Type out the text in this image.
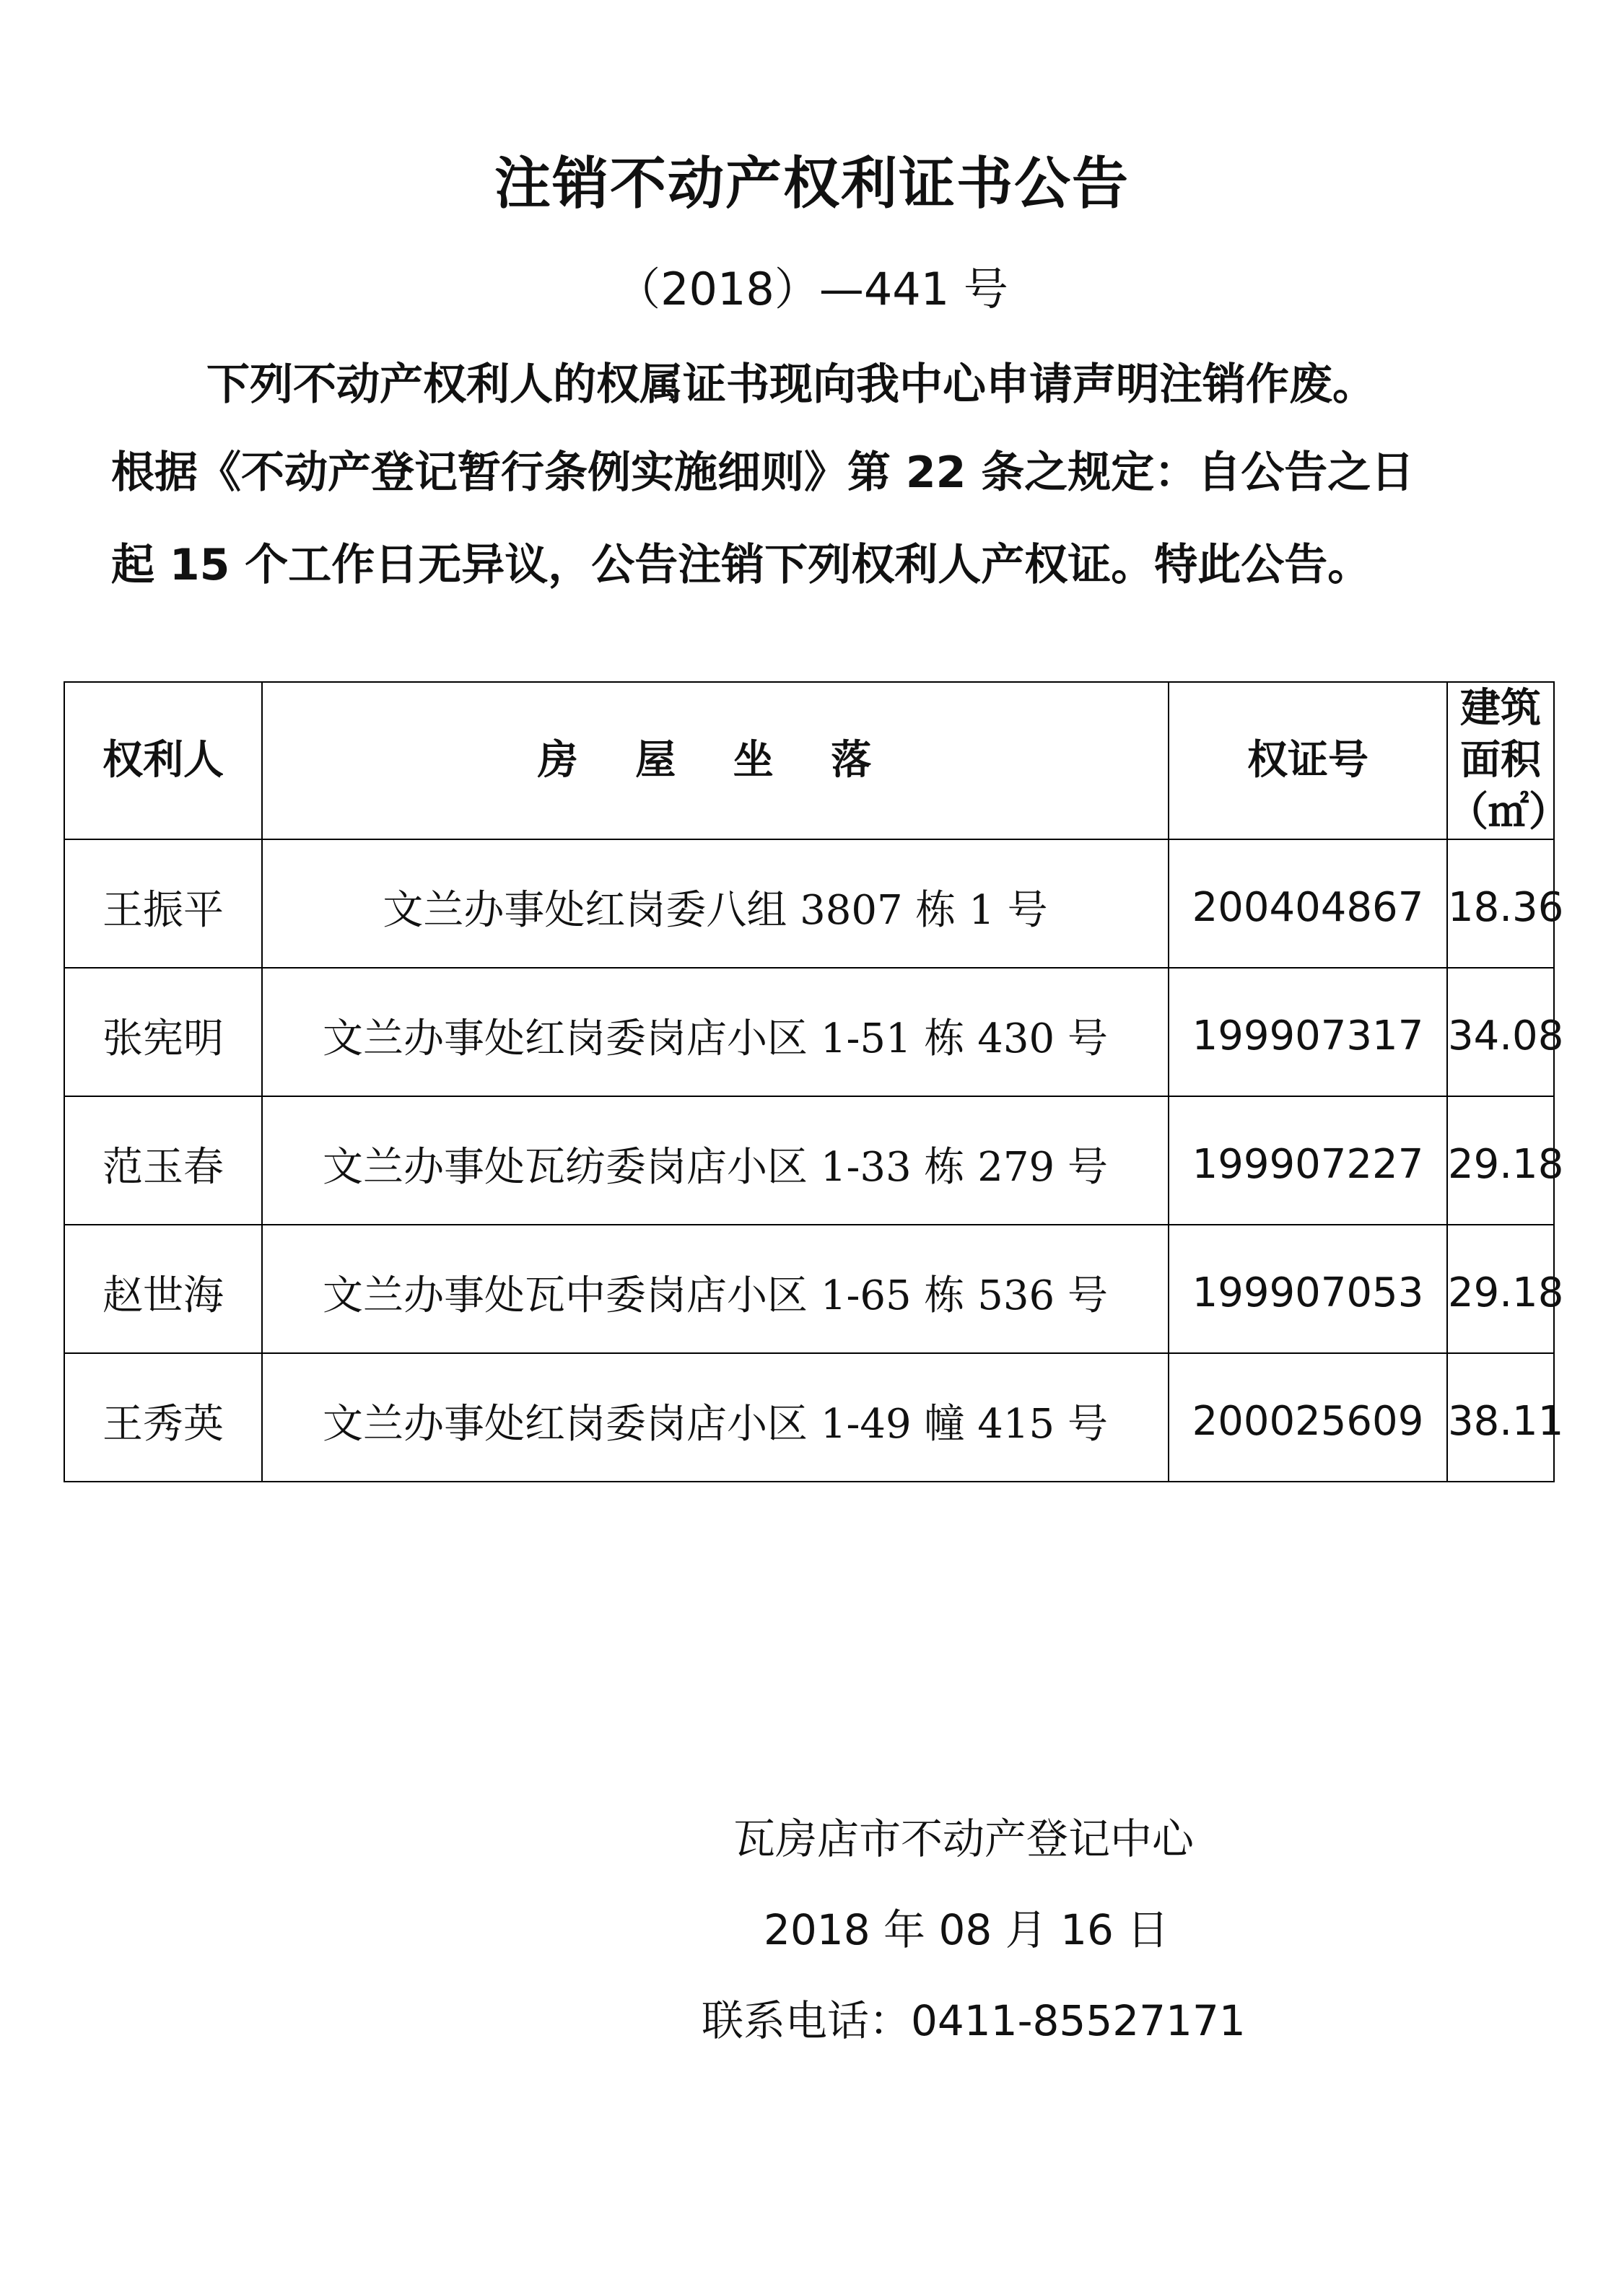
注销不动产权利证书公告
（2018）—441 号
下列不动产权利人的权属证书现向我中心申请声明注销作废。
根据《不动产登记暂行条例实施细则》第 22 条之规定：自公告之日
起 15 个工作日无异议，公告注销下列权利人产权证。特此公告。
权利人	房 屋 坐 落	权证号	建筑面积
（㎡）

王振平	文兰办事处红岗委八组 3807 栋 1 号	200404867	18.36
张宪明	文兰办事处红岗委岗店小区 1-51 栋 430 号	199907317	34.08
范玉春	文兰办事处瓦纺委岗店小区 1-33 栋 279 号	199907227	29.18
赵世海	文兰办事处瓦中委岗店小区 1-65 栋 536 号	199907053	29.18
王秀英	文兰办事处红岗委岗店小区 1-49 幢 415 号	200025609	38.11
瓦房店市不动产登记中心
2018 年 08 月 16 日
联系电话：0411-85527171
